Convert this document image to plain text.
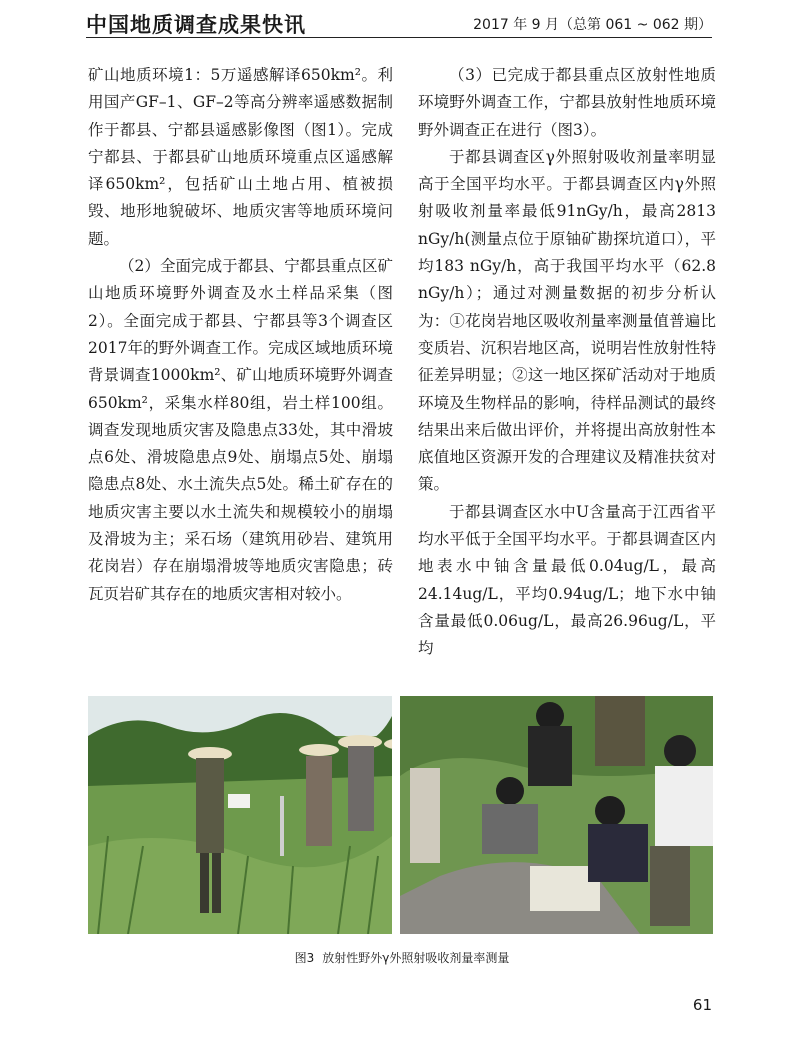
中国地质调查成果快讯	2017 年 9 月（总第 061 ~ 062 期）

矿山地质环境1：5万遥感解译650km²。利用国产GF–1、GF–2等高分辨率遥感数据制作于都县、宁都县遥感影像图（图1）。完成宁都县、于都县矿山地质环境重点区遥感解译650km²，包括矿山土地占用、植被损毁、地形地貌破坏、地质灾害等地质环境问题。

（2）全面完成于都县、宁都县重点区矿山地质环境野外调查及水土样品采集（图2）。全面完成于都县、宁都县等3个调查区2017年的野外调查工作。完成区域地质环境背景调查1000km²、矿山地质环境野外调查650km²，采集水样80组，岩土样100组。调查发现地质灾害及隐患点33处，其中滑坡点6处、滑坡隐患点9处、崩塌点5处、崩塌隐患点8处、水土流失点5处。稀土矿存在的地质灾害主要以水土流失和规模较小的崩塌及滑坡为主；采石场（建筑用砂岩、建筑用花岗岩）存在崩塌滑坡等地质灾害隐患；砖瓦页岩矿其存在的地质灾害相对较小。

（3）已完成于都县重点区放射性地质环境野外调查工作，宁都县放射性地质环境野外调查正在进行（图3）。

于都县调查区γ外照射吸收剂量率明显高于全国平均水平。于都县调查区内γ外照射吸收剂量率最低91nGy/h，最高2813 nGy/h(测量点位于原铀矿勘探坑道口），平均183 nGy/h，高于我国平均水平（62.8 nGy/h）；通过对测量数据的初步分析认为：①花岗岩地区吸收剂量率测量值普遍比变质岩、沉积岩地区高，说明岩性放射性特征差异明显；②这一地区探矿活动对于地质环境及生物样品的影响，待样品测试的最终结果出来后做出评价，并将提出高放射性本底值地区资源开发的合理建议及精准扶贫对策。

于都县调查区水中U含量高于江西省平均水平低于全国平均水平。于都县调查区内地表水中铀含量最低0.04ug/L，最高24.14ug/L，平均0.94ug/L；地下水中铀含量最低0.06ug/L，最高26.96ug/L，平均

图3 放射性野外γ外照射吸收剂量率测量
61
